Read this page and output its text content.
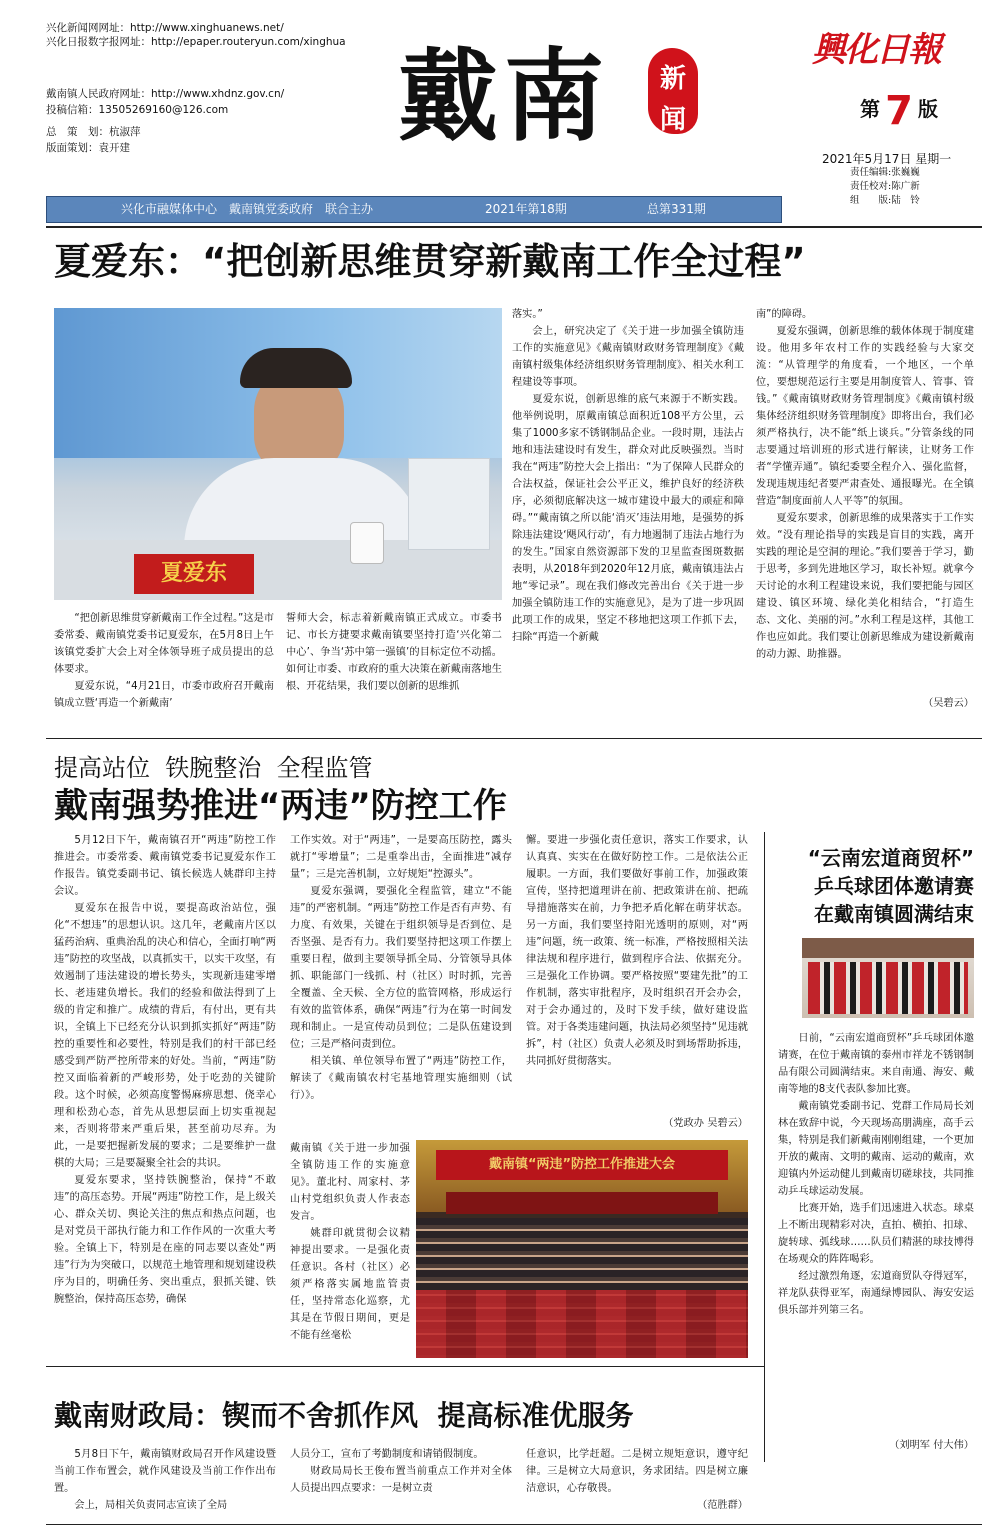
兴化新闻网网址：http://www.xinghuanews.net/
兴化日报数字报网址：http://epaper.routeryun.com/xinghua
戴南镇人民政府网址：http://www.xhdnz.gov.cn/
投稿信箱：13505269160@126.com
总　策　划：杭淑萍
版面策划：袁开建	戴南	新
闻
興化日報
第 7 版
2021年5月17日 星期一
责任编辑:张巍巍
责任校对:陈广新
组　　版:陆　铃
兴化市融媒体中心　戴南镇党委政府　联合主办	2021年第18期	总第331期
夏爱东：“把创新思维贯穿新戴南工作全过程”
夏爱东

“把创新思维贯穿新戴南工作全过程。”这是市委常委、戴南镇党委书记夏爱东，在5月8日上午该镇党委扩大会上对全体领导班子成员提出的总体要求。

夏爱东说，“4月21日，市委市政府召开戴南镇成立暨‘再造一个新戴南’

誓师大会，标志着新戴南镇正式成立。市委书记、市长方捷要求戴南镇要坚持打造‘兴化第二中心’、争当‘苏中第一强镇’的目标定位不动摇。如何让市委、市政府的重大决策在新戴南落地生根、开花结果，我们要以创新的思维抓

落实。”

会上，研究决定了《关于进一步加强全镇防违工作的实施意见》《戴南镇财政财务管理制度》《戴南镇村级集体经济组织财务管理制度》、相关水利工程建设等事项。

夏爱东说，创新思维的底气来源于不断实践。他举例说明，原戴南镇总面积近108平方公里，云集了1000多家不锈钢制品企业。一段时期，违法占地和违法建设时有发生，群众对此反映强烈。当时我在“两违”防控大会上指出：“为了保障人民群众的合法权益，保证社会公平正义，维护良好的经济秩序，必须彻底解决这一城市建设中最大的顽症和障碍。”“戴南镇之所以能‘消灭’违法用地，是强势的拆除违法建设‘飓风行动’，有力地遏制了违法占地行为的发生。”国家自然资源部下发的卫星监查图斑数据表明，从2018年到2020年12月底，戴南镇违法占地“零记录”。现在我们修改完善出台《关于进一步加强全镇防违工作的实施意见》，是为了进一步巩固此项工作的成果，坚定不移地把这项工作抓下去，扫除“再造一个新戴

南”的障碍。

夏爱东强调，创新思维的载体体现于制度建设。他用多年农村工作的实践经验与大家交流：“从管理学的角度看，一个地区，一个单位，要想规范运行主要是用制度管人、管事、管钱。”《戴南镇财政财务管理制度》《戴南镇村级集体经济组织财务管理制度》即将出台，我们必须严格执行，决不能“纸上谈兵。”分管条线的同志要通过培训班的形式进行解读，让财务工作者“学懂弄通”。镇纪委要全程介入、强化监督，发现违规违纪者要严肃查处、通报曝光。在全镇营造“制度面前人人平等”的氛围。

夏爱东要求，创新思维的成果落实于工作实效。“没有理论指导的实践是盲目的实践，离开实践的理论是空洞的理论。”我们要善于学习，勤于思考，多到先进地区学习，取长补短。就拿今天讨论的水利工程建设来说，我们要把能与园区建设、镇区环境、绿化美化相结合，“打造生态、文化、美丽的河。”水利工程是这样，其他工作也应如此。我们要让创新思维成为建设新戴南的动力源、助推器。

（吴碧云）
提高站位  铁腕整治  全程监管
戴南强势推进“两违”防控工作

5月12日下午，戴南镇召开“两违”防控工作推进会。市委常委、戴南镇党委书记夏爱东作工作报告。镇党委副书记、镇长候选人姚群印主持会议。

夏爱东在报告中说，要提高政治站位，强化“不想违”的思想认识。这几年，老戴南片区以猛药治病、重典治乱的决心和信心，全面打响“两违”防控的攻坚战，以真抓实干，以实干攻坚，有效遏制了违法建设的增长势头，实现新违建零增长、老违建负增长。我们的经验和做法得到了上级的肯定和推广。成绩的背后，有付出，更有共识，全镇上下已经充分认识到抓实抓好“两违”防控的重要性和必要性，特别是我们的村干部已经感受到严防严控所带来的好处。当前，“两违”防控又面临着新的严峻形势，处于吃劲的关键阶段。这个时候，必须高度警惕麻痹思想、侥幸心理和松劲心态，首先从思想层面上切实重视起来，否则将带来严重后果，甚至前功尽弃。为此，一是要把握新发展的要求；二是要维护一盘棋的大局；三是要凝聚全社会的共识。

夏爱东要求，坚持铁腕整治，保持“不敢违”的高压态势。开展“两违”防控工作，是上级关心、群众关切、舆论关注的焦点和热点问题，也是对党员干部执行能力和工作作风的一次重大考验。全镇上下，特别是在座的同志要以查处“两违”行为为突破口，以规范土地管理和规划建设秩序为目的，明确任务、突出重点，狠抓关键、铁腕整治，保持高压态势，确保

工作实效。对于“两违”，一是要高压防控，露头就打“零增量”；二是重拳出击，全面推进“减存量”；三是完善机制，立好规矩“控源头”。

夏爱东强调，要强化全程监管，建立“不能违”的严密机制。“两违”防控工作是否有声势、有力度、有效果，关键在于组织领导是否到位、是否坚强、是否有力。我们要坚持把这项工作摆上重要日程，做到主要领导抓全局、分管领导具体抓、职能部门一线抓、村（社区）时时抓，完善全覆盖、全天候、全方位的监管网格，形成运行有效的监管体系，确保“两违”行为在第一时间发现和制止。一是宣传动员到位；二是队伍建设到位；三是严格问责到位。

相关镇、单位领导布置了“两违”防控工作，解读了《戴南镇农村宅基地管理实施细则（试行）》。

戴南镇《关于进一步加强全镇防违工作的实施意见》。董北村、周家村、茅山村党组织负责人作表态发言。

姚群印就贯彻会议精神提出要求。一是强化责任意识。各村（社区）必须严格落实属地监管责任，坚持常态化巡察，尤其是在节假日期间，更是不能有丝毫松

懈。要进一步强化责任意识，落实工作要求，认认真真、实实在在做好防控工作。二是依法公正履职。一方面，我们要做好事前工作，加强政策宣传，坚持把道理讲在前、把政策讲在前、把疏导措施落实在前，力争把矛盾化解在萌芽状态。另一方面，我们要坚持阳光透明的原则，对“两违”问题，统一政策、统一标准，严格按照相关法律法规和程序进行，做到程序合法、依据充分。三是强化工作协调。要严格按照“要建先批”的工作机制，落实审批程序，及时组织召开会办会，对于会办通过的，及时下发手续，做好建设监管。对于各类违建问题，执法局必须坚持“见违就拆”，村（社区）负责人必须及时到场帮助拆违，共同抓好贯彻落实。

（党政办 吴碧云）
戴南镇“两违”防控工作推进大会
“云南宏道商贸杯”
乒乓球团体邀请赛
在戴南镇圆满结束

日前，“云南宏道商贸杯”乒乓球团体邀请赛，在位于戴南镇的泰州市祥龙不锈钢制品有限公司圆满结束。来自南通、海安、戴南等地的8支代表队参加比赛。

戴南镇党委副书记、党群工作局局长刘林在致辞中说，今天现场高朋满座，高手云集，特别是我们新戴南刚刚组建，一个更加开放的戴南、文明的戴南、运动的戴南，欢迎镇内外运动健儿到戴南切磋球技，共同推动乒乓球运动发展。

比赛开始，选手们迅速进入状态。球桌上不断出现精彩对决，直拍、横拍、扣球、旋转球、弧线球……队员们精湛的球技博得在场观众的阵阵喝彩。

经过激烈角逐，宏道商贸队夺得冠军，祥龙队获得亚军，南通绿博园队、海安安运俱乐部并列第三名。

（刘明军 付大伟）
戴南财政局：锲而不舍抓作风  提高标准优服务

5月8日下午，戴南镇财政局召开作风建设暨当前工作布置会，就作风建设及当前工作作出布置。

会上，局相关负责同志宣读了全局

人员分工，宣布了考勤制度和请销假制度。

财政局局长王俊布置当前重点工作并对全体人员提出四点要求：一是树立责

任意识，比学赶超。二是树立规矩意识，遵守纪律。三是树立大局意识，务求团结。四是树立廉洁意识，心存敬畏。

（范胜群）
